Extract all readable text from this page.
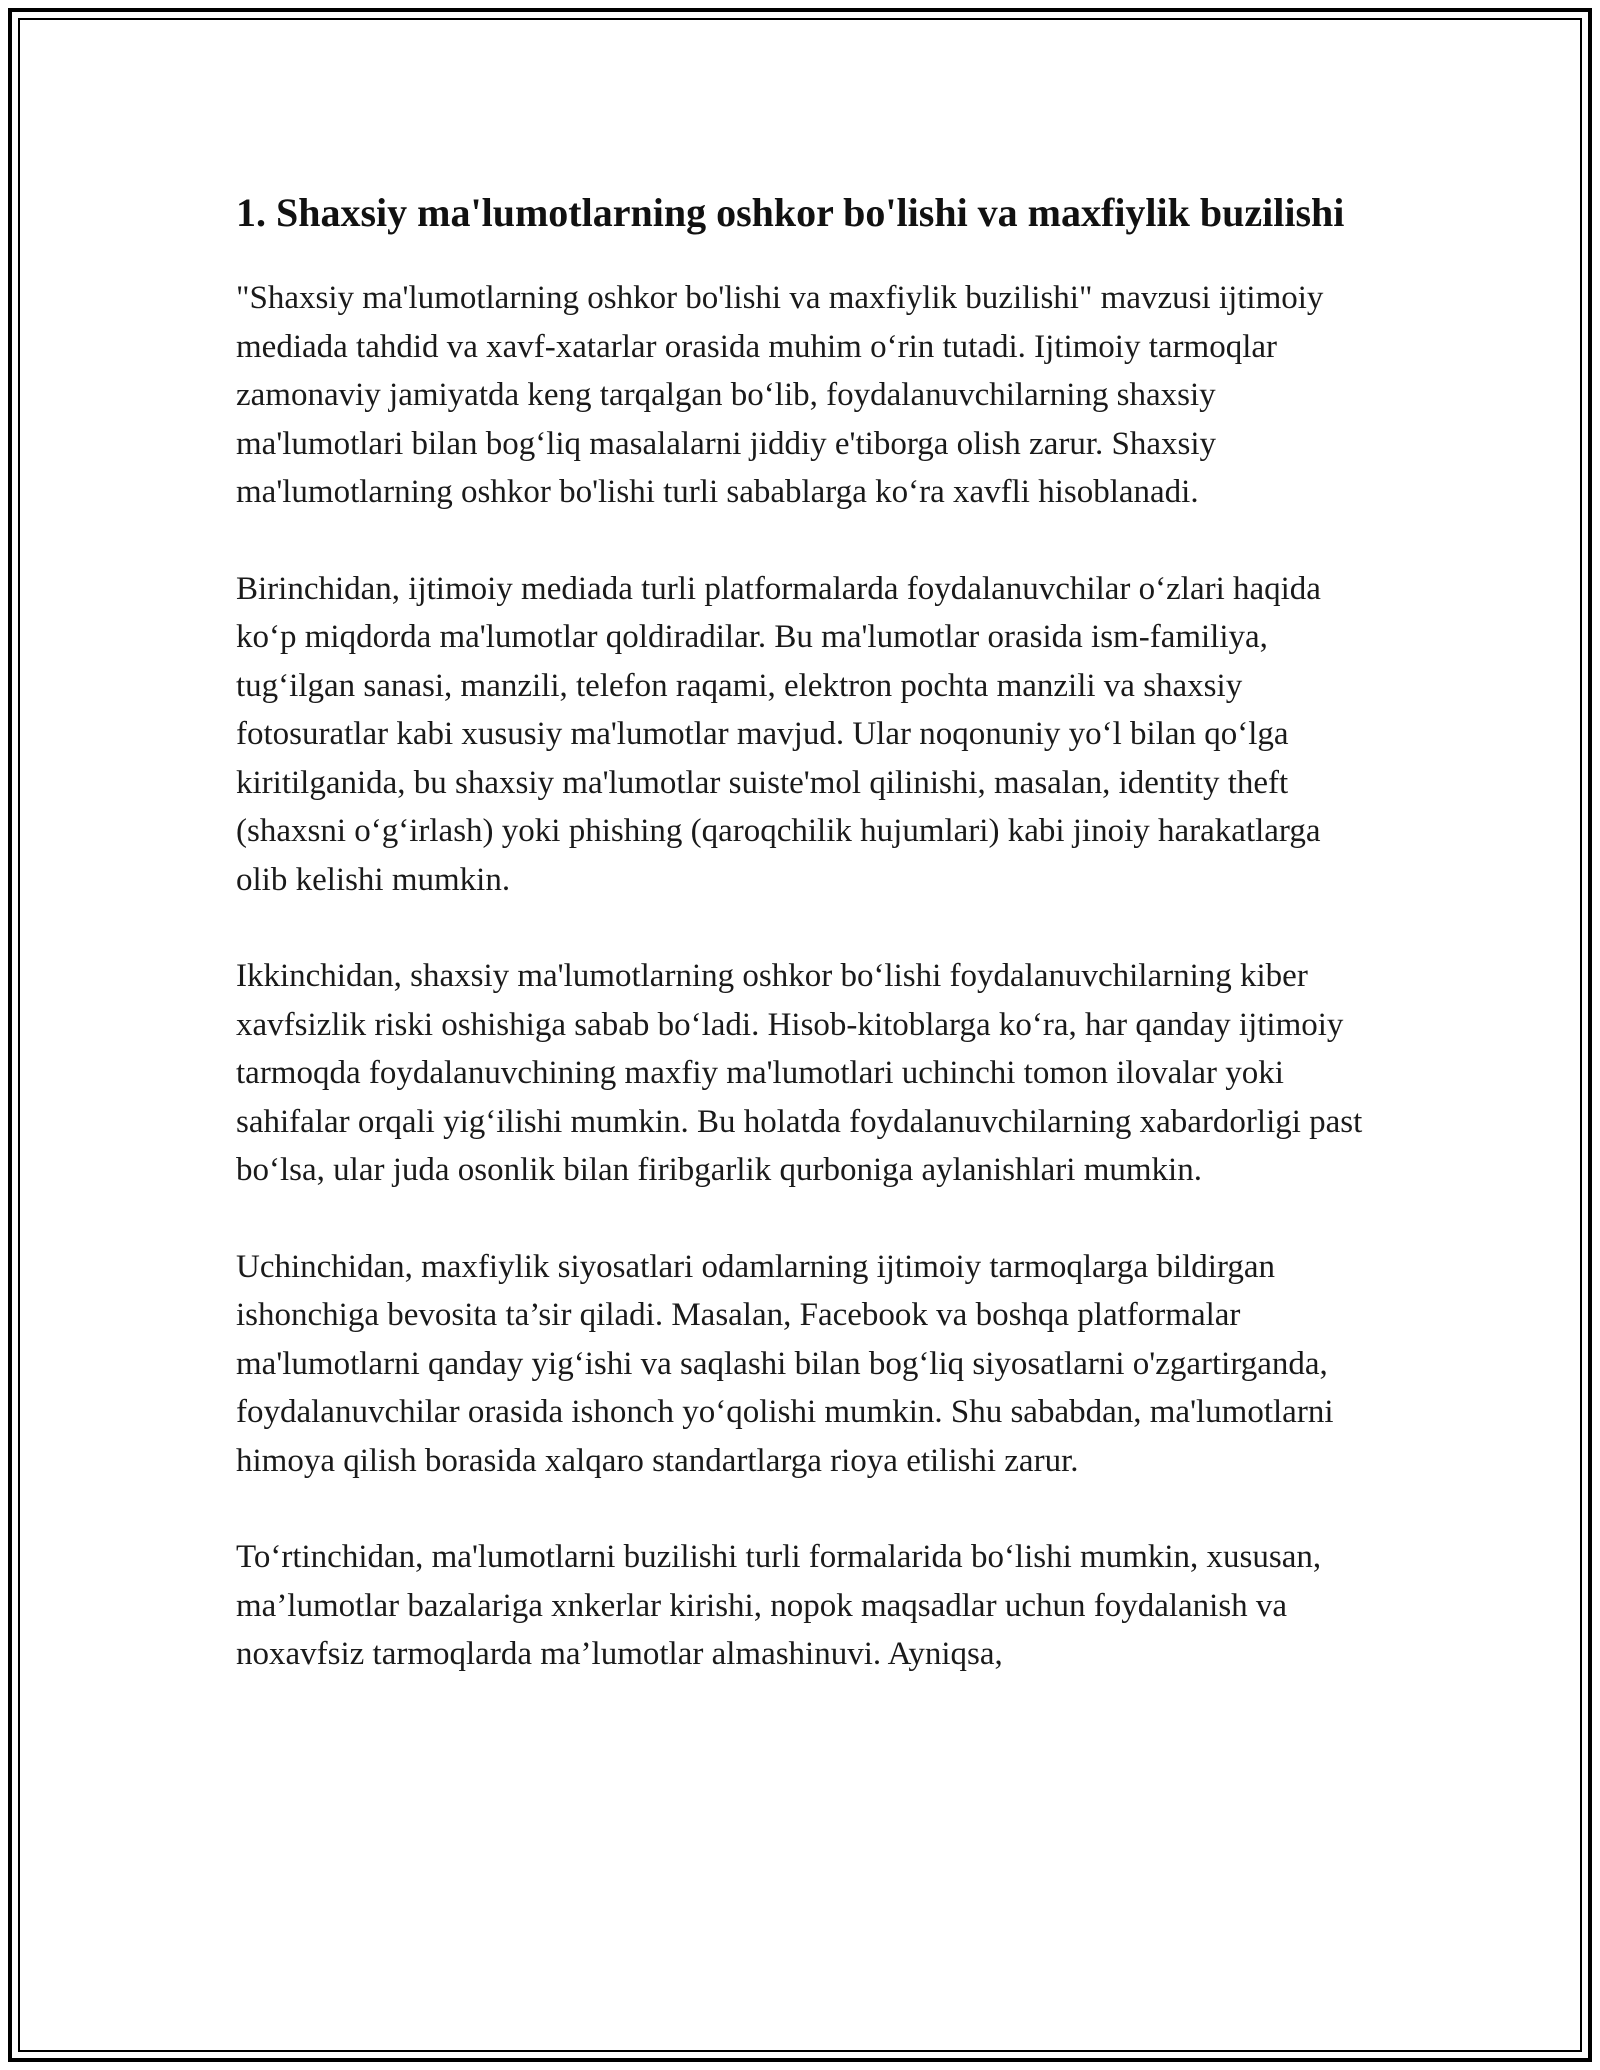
1. Shaxsiy ma'lumotlarning oshkor bo'lishi va maxfiylik buzilishi

"Shaxsiy ma'lumotlarning oshkor bo'lishi va maxfiylik buzilishi" mavzusi ijtimoiy mediada tahdid va xavf-xatarlar orasida muhim o‘rin tutadi. Ijtimoiy tarmoqlar zamonaviy jamiyatda keng tarqalgan bo‘lib, foydalanuvchilarning shaxsiy ma'lumotlari bilan bog‘liq masalalarni jiddiy e'tiborga olish zarur. Shaxsiy ma'lumotlarning oshkor bo'lishi turli sabablarga ko‘ra xavfli hisoblanadi.

Birinchidan, ijtimoiy mediada turli platformalarda foydalanuvchilar o‘zlari haqida ko‘p miqdorda ma'lumotlar qoldiradilar. Bu ma'lumotlar orasida ism-familiya, tug‘ilgan sanasi, manzili, telefon raqami, elektron pochta manzili va shaxsiy fotosuratlar kabi xususiy ma'lumotlar mavjud. Ular noqonuniy yo‘l bilan qo‘lga kiritilganida, bu shaxsiy ma'lumotlar suiste'mol qilinishi, masalan, identity theft (shaxsni o‘g‘irlash) yoki phishing (qaroqchilik hujumlari) kabi jinoiy harakatlarga olib kelishi mumkin.

Ikkinchidan, shaxsiy ma'lumotlarning oshkor bo‘lishi foydalanuvchilarning kiber xavfsizlik riski oshishiga sabab bo‘ladi. Hisob-kitoblarga ko‘ra, har qanday ijtimoiy tarmoqda foydalanuvchining maxfiy ma'lumotlari uchinchi tomon ilovalar yoki sahifalar orqali yig‘ilishi mumkin. Bu holatda foydalanuvchilarning xabardorligi past bo‘lsa, ular juda osonlik bilan firibgarlik qurboniga aylanishlari mumkin.

Uchinchidan, maxfiylik siyosatlari odamlarning ijtimoiy tarmoqlarga bildirgan ishonchiga bevosita ta’sir qiladi. Masalan, Facebook va boshqa platformalar ma'lumotlarni qanday yig‘ishi va saqlashi bilan bog‘liq siyosatlarni o'zgartirganda, foydalanuvchilar orasida ishonch yo‘qolishi mumkin. Shu sababdan, ma'lumotlarni himoya qilish borasida xalqaro standartlarga rioya etilishi zarur.

To‘rtinchidan, ma'lumotlarni buzilishi turli formalarida bo‘lishi mumkin, xususan, ma’lumotlar bazalariga xnkerlar kirishi, nopok maqsadlar uchun foydalanish va noxavfsiz tarmoqlarda ma’lumotlar almashinuvi. Ayniqsa,
